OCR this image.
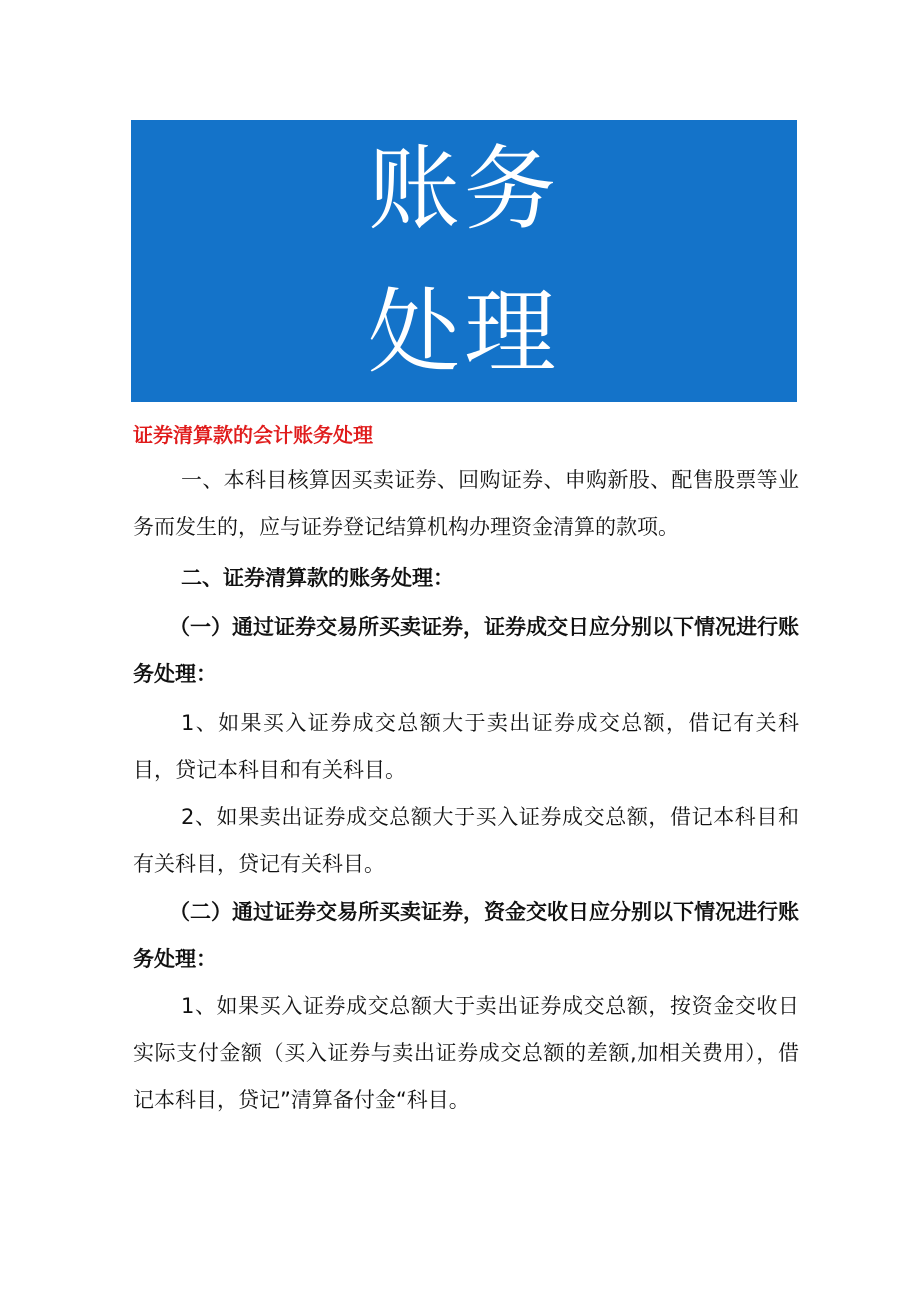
账务
处理
证券清算款的会计账务处理

一、本科目核算因买卖证券、回购证券、申购新股、配售股票等业务而发生的，应与证券登记结算机构办理资金清算的款项。

二、证券清算款的账务处理：

（一）通过证券交易所买卖证券，证券成交日应分别以下情况进行账务处理：

1、如果买入证券成交总额大于卖出证券成交总额，借记有关科目，贷记本科目和有关科目。

2、如果卖出证券成交总额大于买入证券成交总额，借记本科目和有关科目，贷记有关科目。

（二）通过证券交易所买卖证券，资金交收日应分别以下情况进行账务处理：

1、如果买入证券成交总额大于卖出证券成交总额，按资金交收日实际支付金额（买入证券与卖出证券成交总额的差额,加相关费用），借记本科目，贷记”清算备付金“科目。
